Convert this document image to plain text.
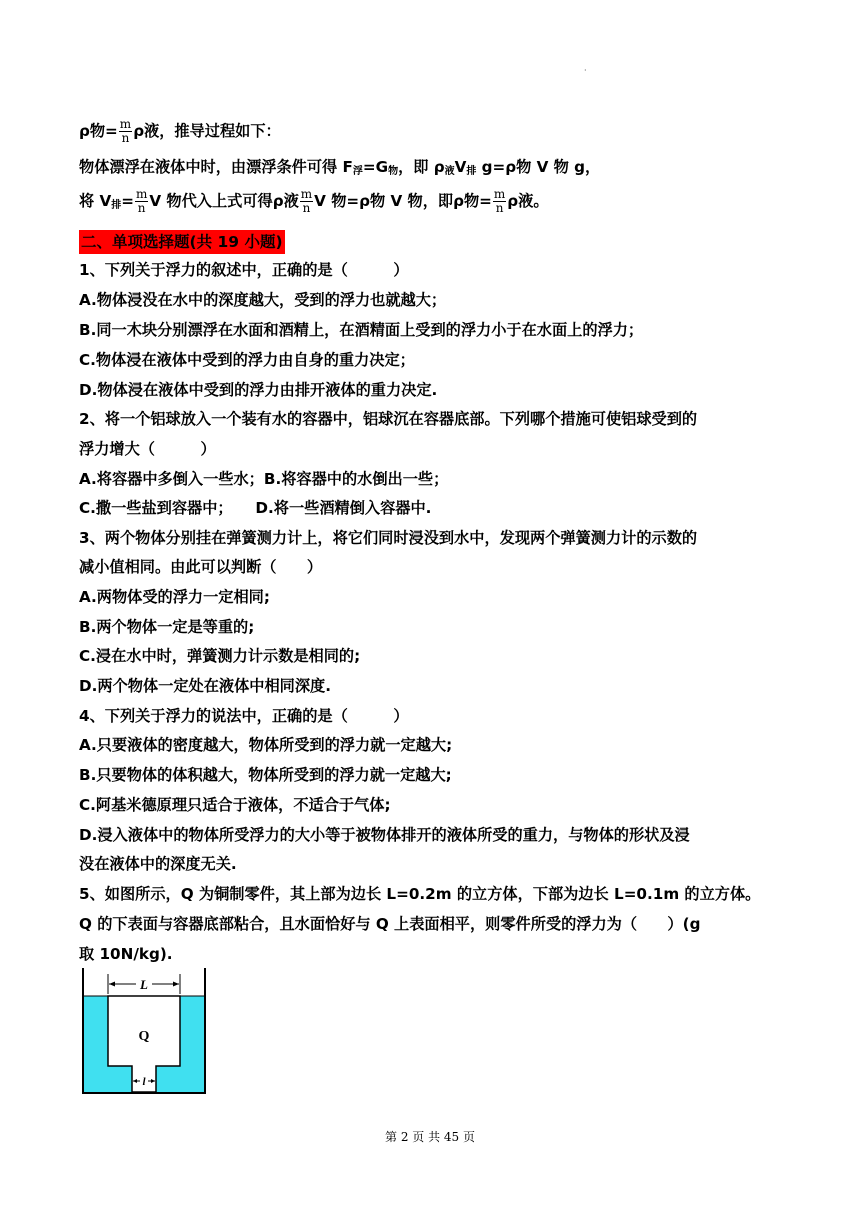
·
ρ物= $\frac{m}{n}$ ρ液，推导过程如下：
物体漂浮在液体中时，由漂浮条件可得 $F_浮=G_物$，即 $\rho_液V_排$ g=ρ物 V 物 g，
将 $V_排= \frac{m}{n}$ V 物代入上式可得ρ液 $\frac{m}{n}$ V 物=ρ物 V 物，即ρ物= $\frac{m}{n}$ ρ液。
二、单项选择题(共 19 小题)
1、下列关于浮力的叙述中，正确的是（　　　）
A.物体浸没在水中的深度越大，受到的浮力也就越大；
B.同一木块分别漂浮在水面和酒精上，在酒精面上受到的浮力小于在水面上的浮力；
C.物体浸在液体中受到的浮力由自身的重力决定；
D.物体浸在液体中受到的浮力由排开液体的重力决定.
2、将一个铝球放入一个装有水的容器中，铝球沉在容器底部。下列哪个措施可使铝球受到的
浮力增大（　　　）
A.将容器中多倒入一些水；B.将容器中的水倒出一些；
C.撒一些盐到容器中；　　D.将一些酒精倒入容器中.
3、两个物体分别挂在弹簧测力计上，将它们同时浸没到水中，发现两个弹簧测力计的示数的
减小值相同。由此可以判断（　　）
A.两物体受的浮力一定相同;
B.两个物体一定是等重的;
C.浸在水中时，弹簧测力计示数是相同的;
D.两个物体一定处在液体中相同深度.
4、下列关于浮力的说法中，正确的是（　　　）
A.只要液体的密度越大，物体所受到的浮力就一定越大;
B.只要物体的体积越大，物体所受到的浮力就一定越大;
C.阿基米德原理只适合于液体，不适合于气体;
D.浸入液体中的物体所受浮力的大小等于被物体排开的液体所受的重力，与物体的形状及浸
没在液体中的深度无关.
5、如图所示，Q 为铜制零件，其上部为边长 L=0.2m 的立方体，下部为边长 L=0.1m 的立方体。
Q 的下表面与容器底部粘合，且水面恰好与 Q 上表面相平，则零件所受的浮力为（　　）(g
取 10N/kg).
L
Q
l
第 2 页 共 45 页
